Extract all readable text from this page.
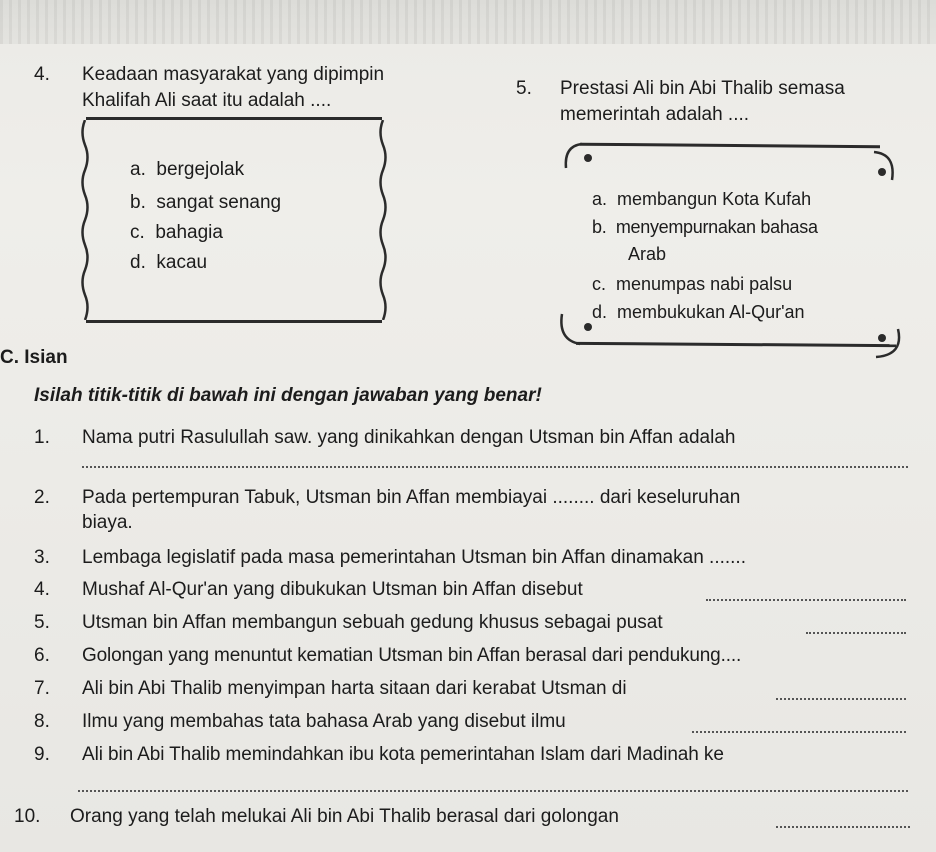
4. Keadaan masyarakat yang dipimpin
Khalifah Ali saat itu adalah ....
a. bergejolak
b. sangat senang
c. bahagia
d. kacau
5. Prestasi Ali bin Abi Thalib semasa
memerintah adalah ....
a. membangun Kota Kufah
b. menyempurnakan bahasa
Arab
c. menumpas nabi palsu
d. membukukan Al-Qur'an
C. Isian
Isilah titik-titik di bawah ini dengan jawaban yang benar!
1. Nama putri Rasulullah saw. yang dinikahkan dengan Utsman bin Affan adalah
2. Pada pertempuran Tabuk, Utsman bin Affan membiayai ........ dari keseluruhan
biaya.
3. Lembaga legislatif pada masa pemerintahan Utsman bin Affan dinamakan .......
4. Mushaf Al-Qur'an yang dibukukan Utsman bin Affan disebut
5. Utsman bin Affan membangun sebuah gedung khusus sebagai pusat
6. Golongan yang menuntut kematian Utsman bin Affan berasal dari pendukung....
7. Ali bin Abi Thalib menyimpan harta sitaan dari kerabat Utsman di
8. Ilmu yang membahas tata bahasa Arab yang disebut ilmu
9. Ali bin Abi Thalib memindahkan ibu kota pemerintahan Islam dari Madinah ke
10. Orang yang telah melukai Ali bin Abi Thalib berasal dari golongan
